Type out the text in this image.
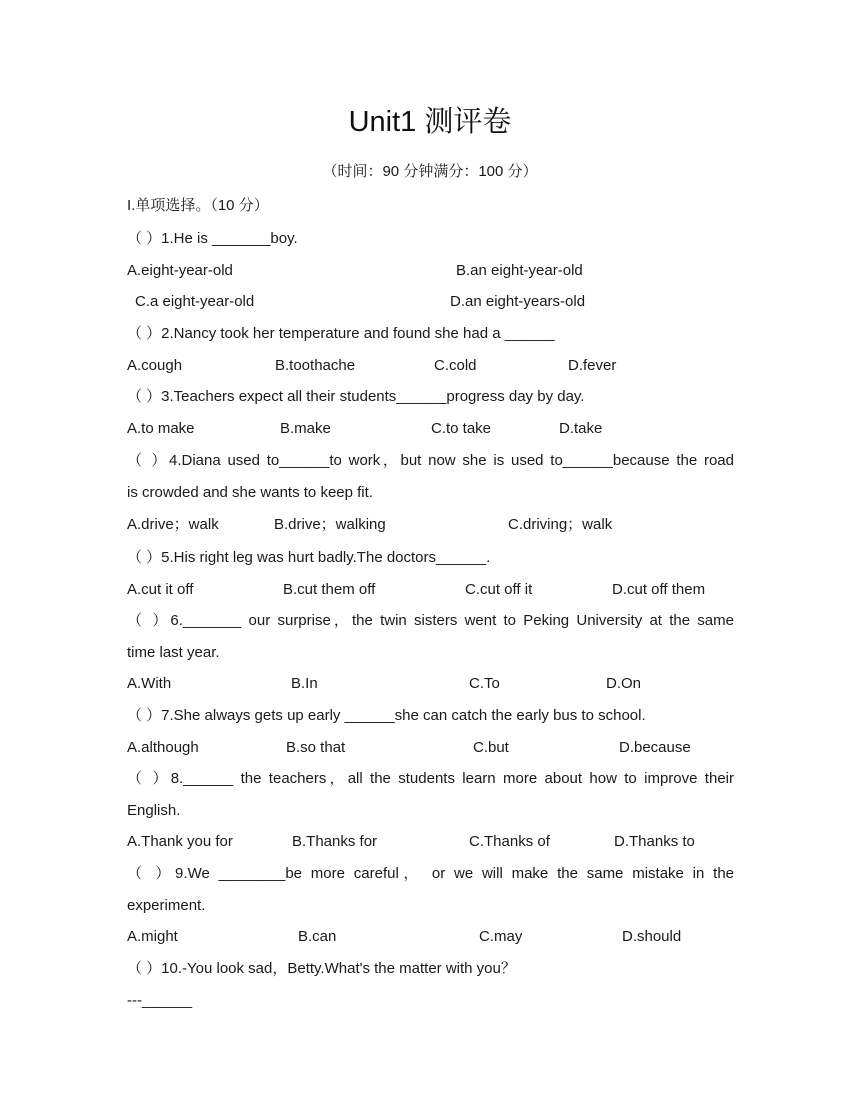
Unit1 测评卷
（时间：90 分钟满分：100 分）
I.单项选择。（10 分）
（ ）1.He is _______boy.
A.eight-year-old	B.an eight-year-old
C.a eight-year-old	D.an eight-years-old
（ ）2.Nancy took her temperature and found she had a ______
A.cough	B.toothache	C.cold	D.fever
（ ）3.Teachers expect all their students______progress day by day.
A.to make	B.make	C.to take	D.take
（ ）4.Diana used to______to work，but now she is used to______because the road
is crowded and she wants to keep fit.
A.drive；walk	B.drive；walking	C.driving；walk
（ ）5.His right leg was hurt badly.The doctors______.
A.cut it off	B.cut them off	C.cut off it	D.cut off them
（ ）6._______ our surprise，the twin sisters went to Peking University at the same
time last year.
A.With	B.In	C.To	D.On
（ ）7.She always gets up early ______she can catch the early bus to school.
A.although	B.so that	C.but	D.because
（ ）8.______ the teachers，all the students learn more about how to improve their
English.
A.Thank you for	B.Thanks for	C.Thanks of	D.Thanks to
（ ）9.We ________be more careful， or we will make the same mistake in the
experiment.
A.might	B.can	C.may	D.should
（ ）10.-You look sad，Betty.What's the matter with you？
---______
